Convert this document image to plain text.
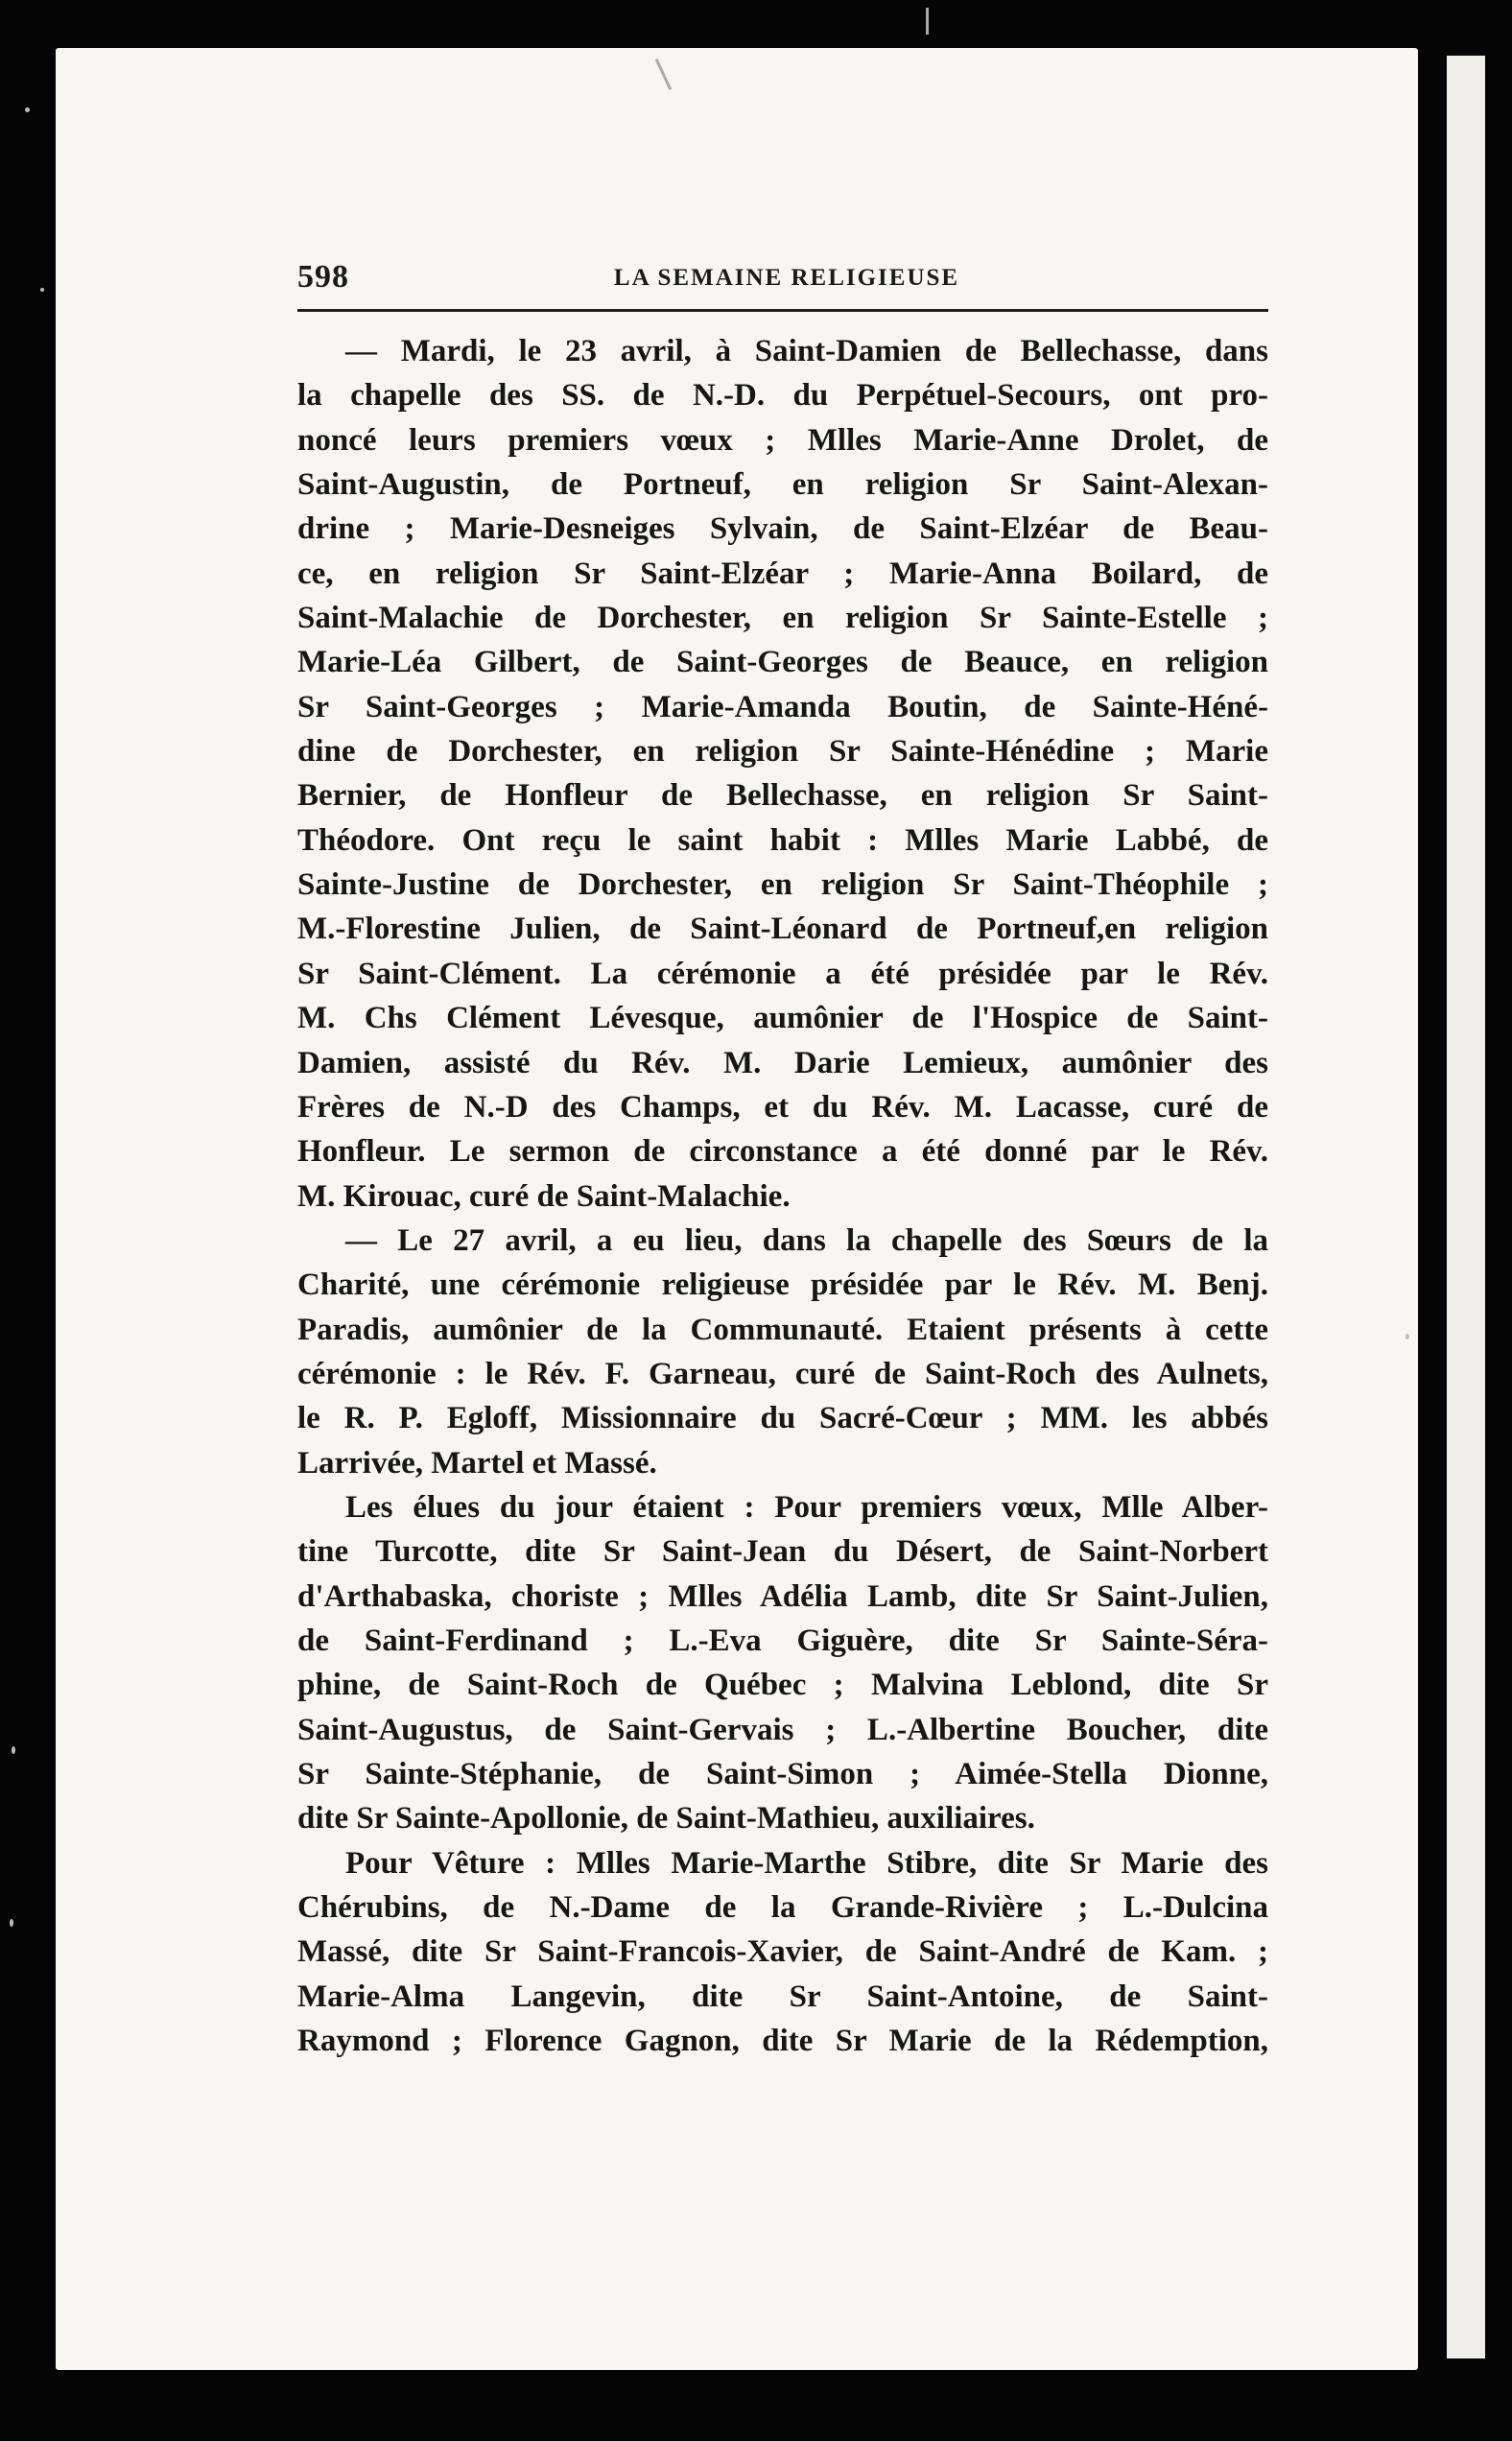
598	LA SEMAINE RELIGIEUSE
— Mardi, le 23 avril, à Saint-Damien de Bellechasse, dans
la chapelle des SS. de N.-D. du Perpétuel-Secours, ont pro-
noncé leurs premiers vœux ; Mlles Marie-Anne Drolet, de
Saint-Augustin, de Portneuf, en religion Sr Saint-Alexan-
drine ; Marie-Desneiges Sylvain, de Saint-Elzéar de Beau-
ce, en religion Sr Saint-Elzéar ; Marie-Anna Boilard, de
Saint-Malachie de Dorchester, en religion Sr Sainte-Estelle ;
Marie-Léa Gilbert, de Saint-Georges de Beauce, en religion
Sr Saint-Georges ; Marie-Amanda Boutin, de Sainte-Héné-
dine de Dorchester, en religion Sr Sainte-Hénédine ; Marie
Bernier, de Honfleur de Bellechasse, en religion Sr Saint-
Théodore. Ont reçu le saint habit : Mlles Marie Labbé, de
Sainte-Justine de Dorchester, en religion Sr Saint-Théophile ;
M.-Florestine Julien, de Saint-Léonard de Portneuf,en religion
Sr Saint-Clément. La cérémonie a été présidée par le Rév.
M. Chs Clément Lévesque, aumônier de l'Hospice de Saint-
Damien, assisté du Rév. M. Darie Lemieux, aumônier des
Frères de N.-D des Champs, et du Rév. M. Lacasse, curé de
Honfleur. Le sermon de circonstance a été donné par le Rév.
M. Kirouac, curé de Saint-Malachie.
— Le 27 avril, a eu lieu, dans la chapelle des Sœurs de la
Charité, une cérémonie religieuse présidée par le Rév. M. Benj.
Paradis, aumônier de la Communauté. Etaient présents à cette
cérémonie : le Rév. F. Garneau, curé de Saint-Roch des Aulnets,
le R. P. Egloff, Missionnaire du Sacré-Cœur ; MM. les abbés
Larrivée, Martel et Massé.
Les élues du jour étaient : Pour premiers vœux, Mlle Alber-
tine Turcotte, dite Sr Saint-Jean du Désert, de Saint-Norbert
d'Arthabaska, choriste ; Mlles Adélia Lamb, dite Sr Saint-Julien,
de Saint-Ferdinand ; L.-Eva Giguère, dite Sr Sainte-Séra-
phine, de Saint-Roch de Québec ; Malvina Leblond, dite Sr
Saint-Augustus, de Saint-Gervais ; L.-Albertine Boucher, dite
Sr Sainte-Stéphanie, de Saint-Simon ; Aimée-Stella Dionne,
dite Sr Sainte-Apollonie, de Saint-Mathieu, auxiliaires.
Pour Vêture : Mlles Marie-Marthe Stibre, dite Sr Marie des
Chérubins, de N.-Dame de la Grande-Rivière ; L.-Dulcina
Massé, dite Sr Saint-Francois-Xavier, de Saint-André de Kam. ;
Marie-Alma Langevin, dite Sr Saint-Antoine, de Saint-
Raymond ; Florence Gagnon, dite Sr Marie de la Rédemption,
